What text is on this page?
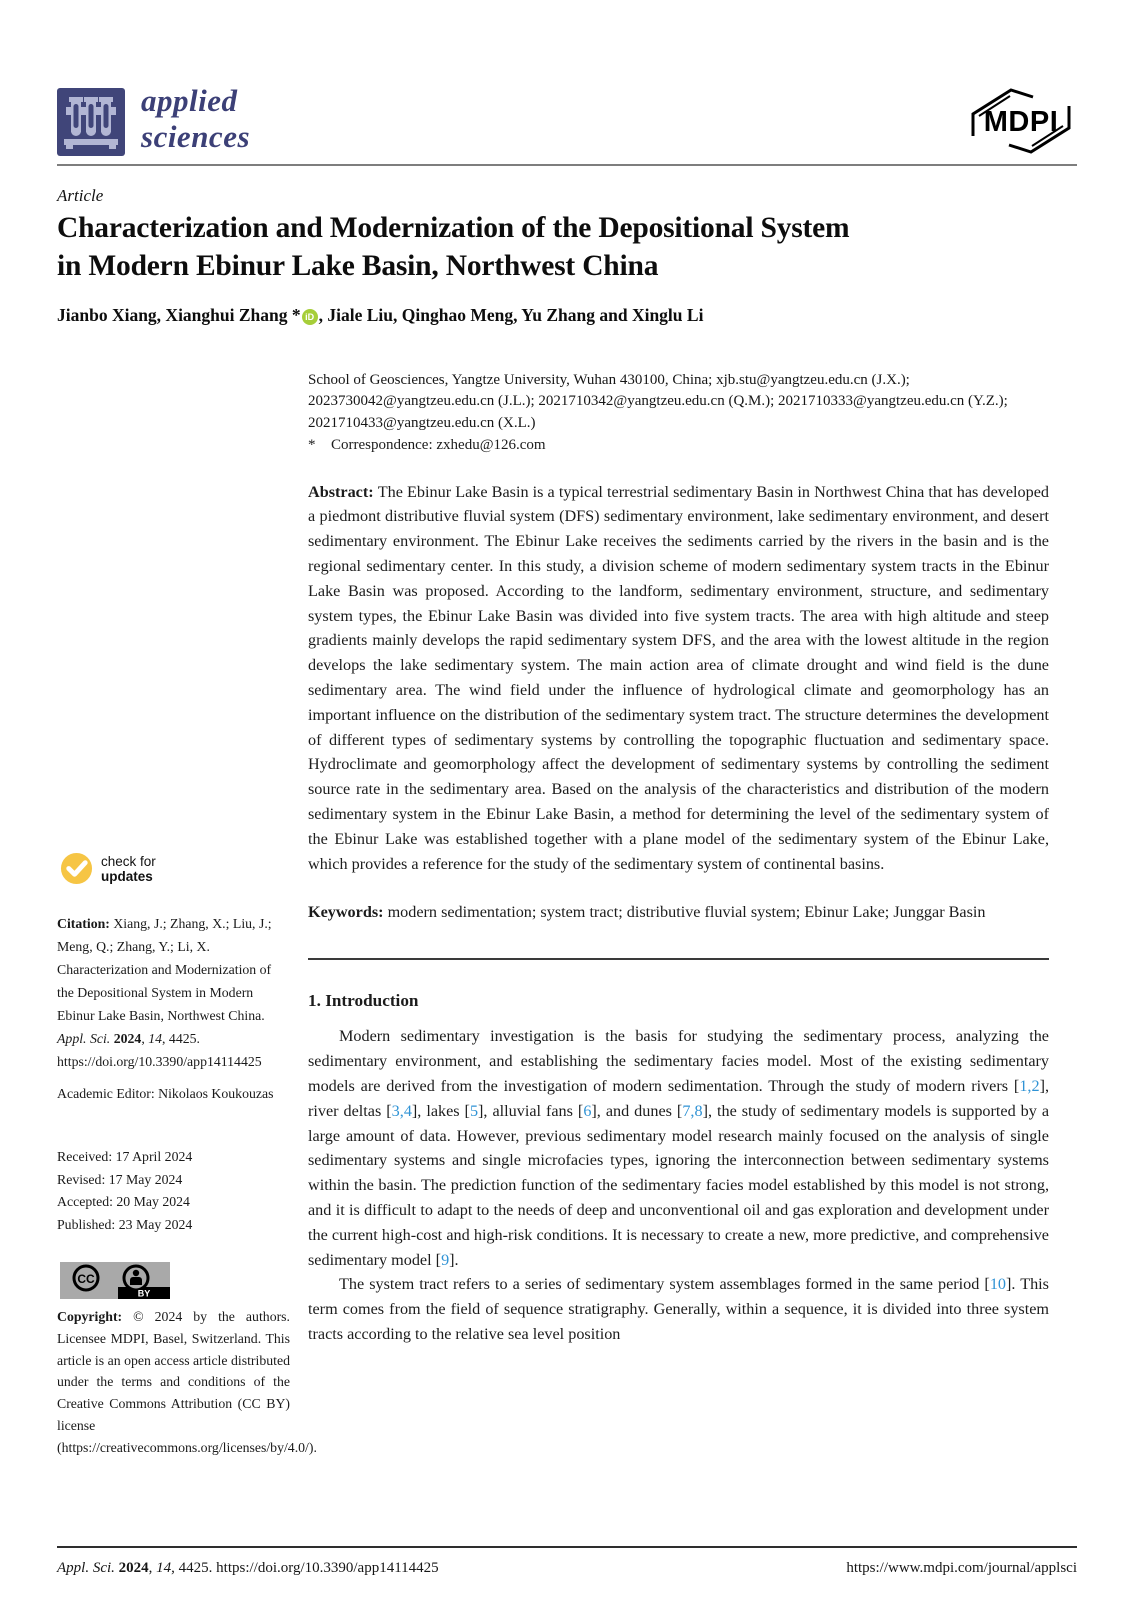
applied
sciences	MDPI
Article
Characterization and Modernization of the Depositional System
in Modern Ebinur Lake Basin, Northwest China
Jianbo Xiang, Xianghui Zhang * iD , Jiale Liu, Qinghao Meng, Yu Zhang and Xinglu Li
School of Geosciences, Yangtze University, Wuhan 430100, China; xjb.stu@yangtzeu.edu.cn (J.X.); 2023730042@yangtzeu.edu.cn (J.L.); 2021710342@yangtzeu.edu.cn (Q.M.); 2021710333@yangtzeu.edu.cn (Y.Z.); 2021710433@yangtzeu.edu.cn (X.L.)
*	Correspondence: zxhedu@126.com

Abstract: The Ebinur Lake Basin is a typical terrestrial sedimentary Basin in Northwest China that has developed a piedmont distributive fluvial system (DFS) sedimentary environment, lake sedimentary environment, and desert sedimentary environment. The Ebinur Lake receives the sediments carried by the rivers in the basin and is the regional sedimentary center. In this study, a division scheme of modern sedimentary system tracts in the Ebinur Lake Basin was proposed. According to the landform, sedimentary environment, structure, and sedimentary system types, the Ebinur Lake Basin was divided into five system tracts. The area with high altitude and steep gradients mainly develops the rapid sedimentary system DFS, and the area with the lowest altitude in the region develops the lake sedimentary system. The main action area of climate drought and wind field is the dune sedimentary area. The wind field under the influence of hydrological climate and geomorphology has an important influence on the distribution of the sedimentary system tract. The structure determines the development of different types of sedimentary systems by controlling the topographic fluctuation and sedimentary space. Hydroclimate and geomorphology affect the development of sedimentary systems by controlling the sediment source rate in the sedimentary area. Based on the analysis of the characteristics and distribution of the modern sedimentary system in the Ebinur Lake Basin, a method for determining the level of the sedimentary system of the Ebinur Lake was established together with a plane model of the sedimentary system of the Ebinur Lake, which provides a reference for the study of the sedimentary system of continental basins.

Keywords: modern sedimentation; system tract; distributive fluvial system; Ebinur Lake; Junggar Basin

1. Introduction

Modern sedimentary investigation is the basis for studying the sedimentary process, analyzing the sedimentary environment, and establishing the sedimentary facies model. Most of the existing sedimentary models are derived from the investigation of modern sedimentation. Through the study of modern rivers [1,2], river deltas [3,4], lakes [5], alluvial fans [6], and dunes [7,8], the study of sedimentary models is supported by a large amount of data. However, previous sedimentary model research mainly focused on the analysis of single sedimentary systems and single microfacies types, ignoring the interconnection between sedimentary systems within the basin. The prediction function of the sedimentary facies model established by this model is not strong, and it is difficult to adapt to the needs of deep and unconventional oil and gas exploration and development under the current high-cost and high-risk conditions. It is necessary to create a new, more predictive, and comprehensive sedimentary model [9].

The system tract refers to a series of sedimentary system assemblages formed in the same period [10]. This term comes from the field of sequence stratigraphy. Generally, within a sequence, it is divided into three system tracts according to the relative sea level position

check for
updates
Citation: Xiang, J.; Zhang, X.; Liu, J.; Meng, Q.; Zhang, Y.; Li, X. Characterization and Modernization of the Depositional System in Modern Ebinur Lake Basin, Northwest China. Appl. Sci. 2024, 14, 4425. https://doi.org/10.3390/app14114425
Academic Editor: Nikolaos Koukouzas
Received: 17 April 2024
Revised: 17 May 2024
Accepted: 20 May 2024
Published: 23 May 2024
CC
BY
Copyright: © 2024 by the authors. Licensee MDPI, Basel, Switzerland. This article is an open access article distributed under the terms and conditions of the Creative Commons Attribution (CC BY) license (https://creativecommons.org/licenses/by/4.0/).
Appl. Sci. 2024, 14, 4425. https://doi.org/10.3390/app14114425	https://www.mdpi.com/journal/applsci
